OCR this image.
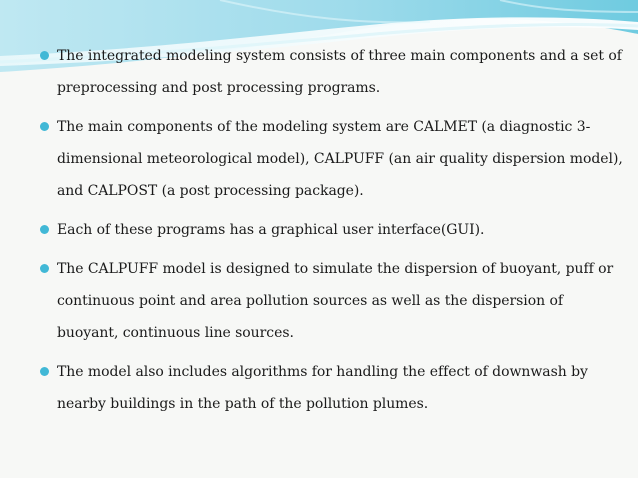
The integrated modeling system consists of three main components and a set of preprocessing and post processing programs.
The main components of the modeling system are CALMET (a diagnostic 3-dimensional meteorological model), CALPUFF (an air quality dispersion model), and CALPOST (a post processing package).
Each of these programs has a graphical user interface(GUI).
The CALPUFF model is designed to simulate the dispersion of buoyant, puff or continuous point and area pollution sources as well as the dispersion of buoyant, continuous line sources.
The model also includes algorithms for handling the effect of downwash by nearby buildings in the path of the pollution plumes.
